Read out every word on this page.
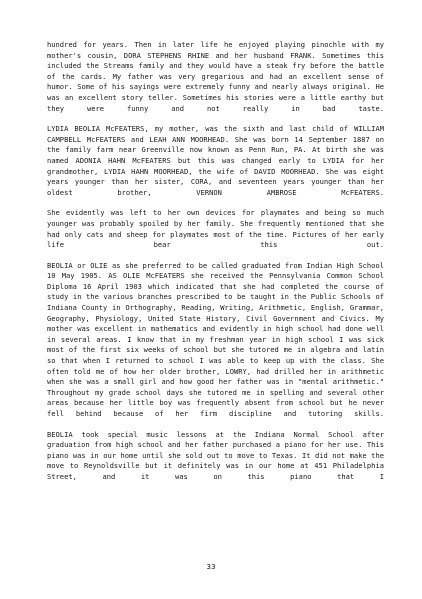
hundred for years. Then in later life he enjoyed playing pinochle with my mother's cousin, DORA STEPHENS RHINE and her husband FRANK. Sometimes this included the Streams family and they would have a steak fry before the battle of the cards. My father was very gregarious and had an excellent sense of humor. Some of his sayings were extremely funny and nearly always original. He was an excellent story teller. Sometimes his stories were a little earthy but they were funny and not really in bad taste.

LYDIA BEOLIA McFEATERS, my mother, was the sixth and last child of WILLIAM CAMPBELL McFEATERS and LEAH ANN MOORHEAD. She was born 14 September 1887 on the family farm near Greenville now known as Penn Run, PA. At birth she was named ADONIA HAHN McFEATERS but this was changed early to LYDIA for her grandmother, LYDIA HAHN MOORHEAD, the wife of DAVID MOORHEAD. She was eight years younger than her sister, CORA, and seventeen years younger than her oldest brother, VERNON AMBROSE McFEATERS.

She evidently was left to her own devices for playmates and being so much younger was probably spoiled by her family. She frequently mentioned that she had only cats and sheep for playmates most of the time. Pictures of her early life bear this out.

BEOLIA or OLIE as she preferred to be called graduated from Indian High School 10 May 1905. AS OLIE McFEATERS she received the Pennsylvania Common School Diploma 16 April 1903 which indicated that she had completed the course of study in the various branches prescribed to be taught in the Public Schools of Indiana County in Orthography, Reading, Writing, Arithmetic, English, Grammar, Geography, Physiology, United State History, Civil Government and Civics. My mother was excellent in mathematics and evidently in high school had done well in several areas. I know that in my freshman year in high school I was sick most of the first six weeks of school but she tutored me in algebra and latin so that when I returned to school I was able to keep up with the class. She often told me of how her older brother, LOWRY, had drilled her in arithmetic when she was a small girl and how good her father was in "mental arithmetic." Throughout my grade school days she tutored me in spelling and several other areas because her little boy was frequently absent from school but he never fell behind because of her firm discipline and tutoring skills.

BEOLIA took special music lessons at the Indiana Normal School after graduation from high school and her father purchased a piano for her use. This piano was in our home until she sold out to move to Texas. It did not make the move to Reynoldsville but it definitely was in our home at 451 Philadelphia Street, and it was on this piano that I

33
